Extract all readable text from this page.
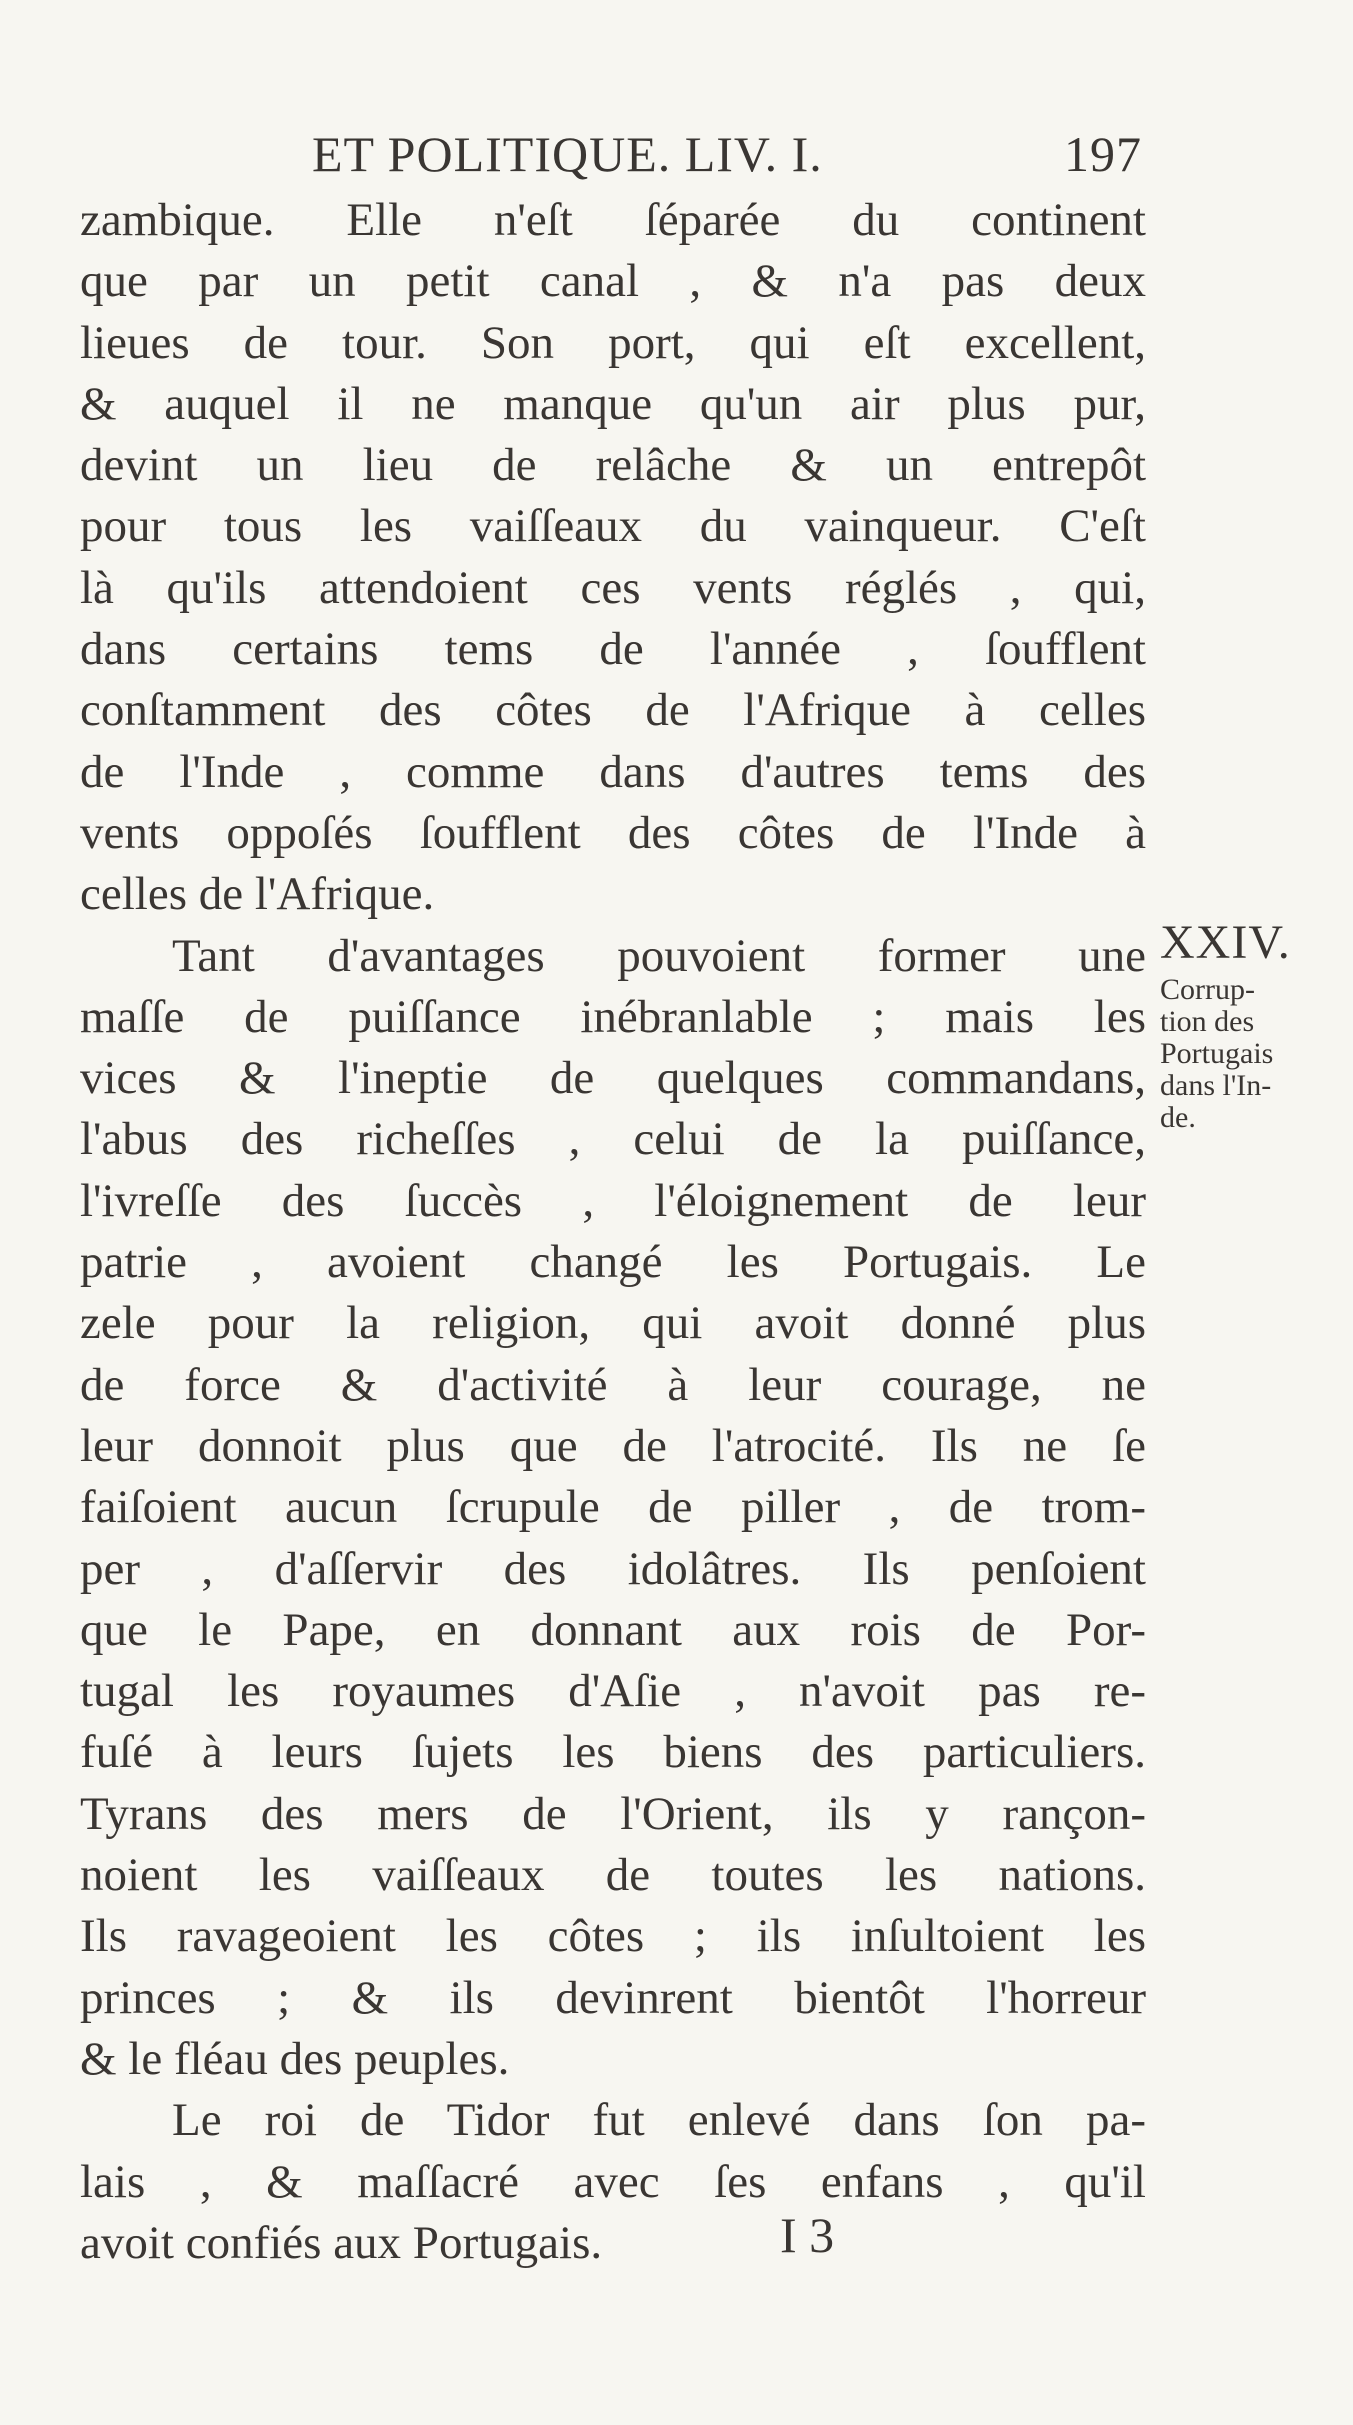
ET POLITIQUE. LIV. I.	197
zambique. Elle n'eſt ſéparée du continent
que par un petit canal , & n'a pas deux
lieues de tour. Son port, qui eſt excellent,
& auquel il ne manque qu'un air plus pur,
devint un lieu de relâche & un entrepôt
pour tous les vaiſſeaux du vainqueur. C'eſt
là qu'ils attendoient ces vents réglés , qui,
dans certains tems de l'année , ſoufflent
conſtamment des côtes de l'Afrique à celles
de l'Inde , comme dans d'autres tems des
vents oppoſés ſoufflent des côtes de l'Inde à
celles de l'Afrique.
Tant d'avantages pouvoient former une
maſſe de puiſſance inébranlable ; mais les
vices & l'ineptie de quelques commandans,
l'abus des richeſſes , celui de la puiſſance,
l'ivreſſe des ſuccès , l'éloignement de leur
patrie , avoient changé les Portugais. Le
zele pour la religion, qui avoit donné plus
de force & d'activité à leur courage, ne
leur donnoit plus que de l'atrocité. Ils ne ſe
faiſoient aucun ſcrupule de piller , de trom-
per , d'aſſervir des idolâtres. Ils penſoient
que le Pape, en donnant aux rois de Por-
tugal les royaumes d'Aſie , n'avoit pas re-
fuſé à leurs ſujets les biens des particuliers.
Tyrans des mers de l'Orient, ils y rançon-
noient les vaiſſeaux de toutes les nations.
Ils ravageoient les côtes ; ils inſultoient les
princes ; & ils devinrent bientôt l'horreur
& le fléau des peuples.
Le roi de Tidor fut enlevé dans ſon pa-
lais , & maſſacré avec ſes enfans , qu'il
avoit confiés aux Portugais.
XXIV.
Corrup-
tion des
Portugais
dans l'In-
de.
I 3
